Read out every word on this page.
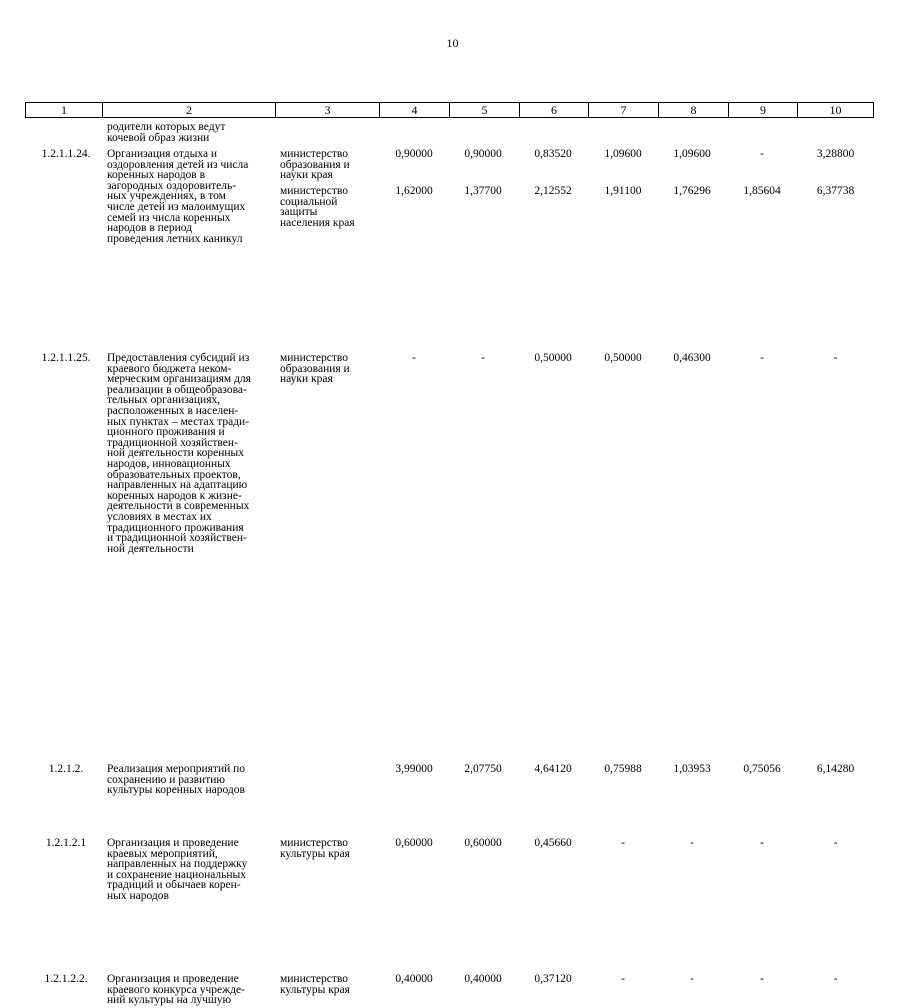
10
1	2	3	4	5	6	7	8	9	10
родители которых ведут
кочевой образ жизни
1.2.1.1.24.	Организация отдыха и
оздоровления детей из числа
коренных народов в
загородных оздоровитель-
ных учреждениях, в том
числе детей из малоимущих
семей из числа коренных
народов в период
проведения летних каникул
министерство
образования и
науки края
0,90000	0,90000	0,83520	1,09600	1,09600	-	3,28800
министерство
социальной
защиты
населения края
1,62000	1,37700	2,12552	1,91100	1,76296	1,85604	6,37738
1.2.1.1.25.	Предоставления субсидий из
краевого бюджета неком-
мерческим организациям для
реализации в общеобразова-
тельных организациях,
расположенных в населен-
ных пунктах – местах тради-
ционного проживания и
традиционной хозяйствен-
ной деятельности коренных
народов, инновационных
образовательных проектов,
направленных на адаптацию
коренных народов к жизне-
деятельности в современных
условиях в местах их
традиционного проживания
и традиционной хозяйствен-
ной деятельности
министерство
образования и
науки края
-	-	0,50000	0,50000	0,46300	-	-
1.2.1.2.	Реализация мероприятий по
сохранению и развитию
культуры коренных народов
3,99000	2,07750	4,64120	0,75988	1,03953	0,75056	6,14280
1.2.1.2.1	Организация и проведение
краевых мероприятий,
направленных на поддержку
и сохранение национальных
традиций и обычаев корен-
ных народов
министерство
культуры края
0,60000	0,60000	0,45660	-	-	-	-
1.2.1.2.2.	Организация и проведение
краевого конкурса учрежде-
ний культуры на лучшую
министерство
культуры края
0,40000	0,40000	0,37120	-	-	-	-
